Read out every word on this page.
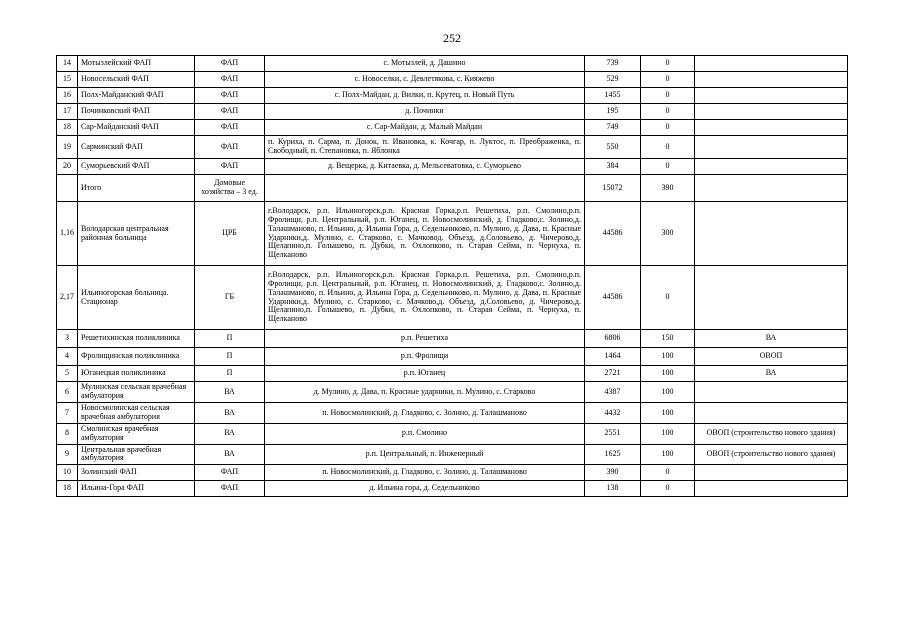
252
14	Мотызлейский ФАП	ФАП	с. Мотызлей, д. Дашино	739	0	
15	Новосельский ФАП	ФАП	с. Новоселки, с. Девлетякова, с. Кияжево	529	0	
16	Полх-Майданский ФАП	ФАП	с. Полх-Майдан, д. Вилки, п. Крутец, п. Новый Путь	1455	0	
17	Починковский ФАП	ФАП	д. Починки	195	0	
18	Сар-Майданский ФАП	ФАП	с. Сар-Майдан, д. Малый Майдан	749	0	
19	Сарминский ФАП	ФАП	п. Куриха, п. Сарма, п. Донок, п. Ивановка, к. Кочгар, п. Луктос, п. Преображенка, п. Свободный, п. Степановка, п. Яблонка	550	0	
20	Суморьевский ФАП	ФАП	д. Вещерка, д. Китаевка, д. Мельсеватовка, с. Суморьево	384	0	
	Итого	Домовые хозяйства – 3 ед.		15072	390	
1,16	Володарская центральная районная больница	ЦРБ	г.Володарск, р.п. Ильиногорск,р.п. Красная Горка,р.п. Решетиха, р.п. Смолино,р.п. Фролищи, р.п. Центральный, р.п. Юганец, п. Новосмолинский, д. Гладково,с. Золино,д. Талашманово, п. Ильино, д. Ильина Гора, д. Седельниково, п. Мулино, д. Дава, п. Красные Ударники,д. Мулино, с. Старково, с. Мачковод. Объезд, д.Соловьево, д. Чичерово,д. Щелапино,п. Голышево, п. Дубки, п. Охлопково, п. Старая Сейма, п. Чернуха, п. Щелканово	44586	300	
2,17	Ильиногорская больница. Стационар	ГБ	г.Володарск, р.п. Ильиногорск,р.п. Красная Горка,р.п. Решетиха, р.п. Смолино,р.п. Фролищи, р.п. Центральный, р.п. Юганец, п. Новосмолинский, д. Гладково,с. Золино,д. Талашманово, п. Ильино, д. Ильина Гора, д. Седельниково, п. Мулино, д. Дава, п. Красные Ударники,д. Мулино, с. Старково, с. Мачково,д. Объезд, д.Соловьево, д. Чичерово,д. Щелапино,п. Голышево, п. Дубки, п. Охлопково, п. Старая Сейма, п. Чернуха, п. Щелканово	44586	0	
3	Решетихинская поликлиника	П	р.п. Решетиха	6806	150	ВА
4	Фролищинская поликлиника	П	р.п. Фролищи	1464	100	ОВОП
5	Юганецкая поликлиника	П	р.п. Юганец	2721	100	ВА
6	Мулинская сельская врачебная амбулатория	ВА	д. Мулино, д. Дава, п. Красные ударники, п. Мулино, с. Старково	4387	100	
7	Новосмолинская сельская врачебная амбулатория	ВА	п. Новосмолинский, д. Гладково, с. Золино, д. Талашманово	4432	100	
8	Смолинская врачебная амбулатория	ВА	р.п. Смолино	2551	100	ОВОП (строительство нового здания)
9	Центральная врачебная амбулатория	ВА	р.п. Центральный, п. Инженерный	1625	100	ОВОП (строительство нового здания)
10	Золинский ФАП	ФАП	п. Новосмолинский, д. Гладково, с. Золино, д. Талашманово	390	0	
18	Ильина-Гора ФАП	ФАП	д. Ильина гора, д. Седельниково	138	0	
